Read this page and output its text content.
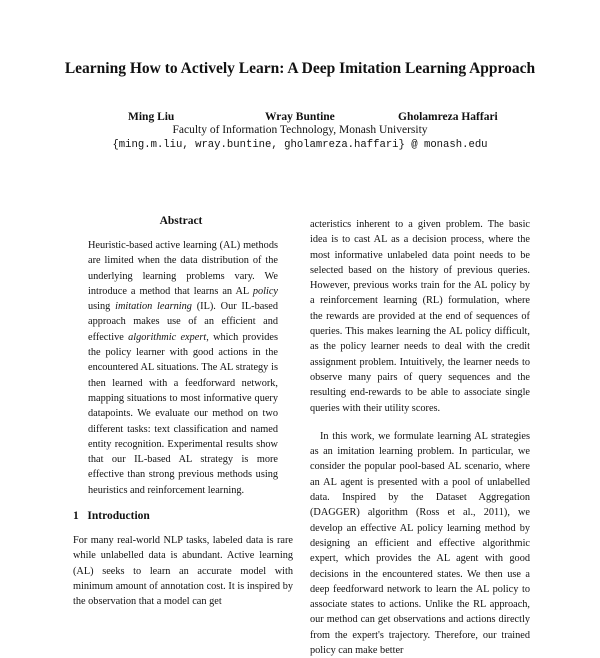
Learning How to Actively Learn: A Deep Imitation Learning Approach
Ming Liu	Wray Buntine	Gholamreza Haffari
Faculty of Information Technology, Monash University
{ming.m.liu, wray.buntine, gholamreza.haffari} @ monash.edu
Abstract
Heuristic-based active learning (AL) methods are limited when the data distribution of the underlying learning problems vary. We introduce a method that learns an AL policy using imitation learning (IL). Our IL-based approach makes use of an efficient and effective algorithmic expert, which provides the policy learner with good actions in the encountered AL situations. The AL strategy is then learned with a feedforward network, mapping situations to most informative query datapoints. We evaluate our method on two different tasks: text classification and named entity recognition. Experimental results show that our IL-based AL strategy is more effective than strong previous methods using heuristics and reinforcement learning.
1   Introduction
For many real-world NLP tasks, labeled data is rare while unlabelled data is abundant. Active learning (AL) seeks to learn an accurate model with minimum amount of annotation cost. It is inspired by the observation that a model can get

acteristics inherent to a given problem. The basic idea is to cast AL as a decision process, where the most informative unlabeled data point needs to be selected based on the history of previous queries. However, previous works train for the AL policy by a reinforcement learning (RL) formulation, where the rewards are provided at the end of sequences of queries. This makes learning the AL policy difficult, as the policy learner needs to deal with the credit assignment problem. Intuitively, the learner needs to observe many pairs of query sequences and the resulting end-rewards to be able to associate single queries with their utility scores.

In this work, we formulate learning AL strategies as an imitation learning problem. In particular, we consider the popular pool-based AL scenario, where an AL agent is presented with a pool of unlabelled data. Inspired by the Dataset Aggregation (DAGGER) algorithm (Ross et al., 2011), we develop an effective AL policy learning method by designing an efficient and effective algorithmic expert, which provides the AL agent with good decisions in the encountered states. We then use a deep feedforward network to learn the AL policy to associate states to actions. Unlike the RL approach, our method can get observations and actions directly from the expert's trajectory. Therefore, our trained policy can make better
